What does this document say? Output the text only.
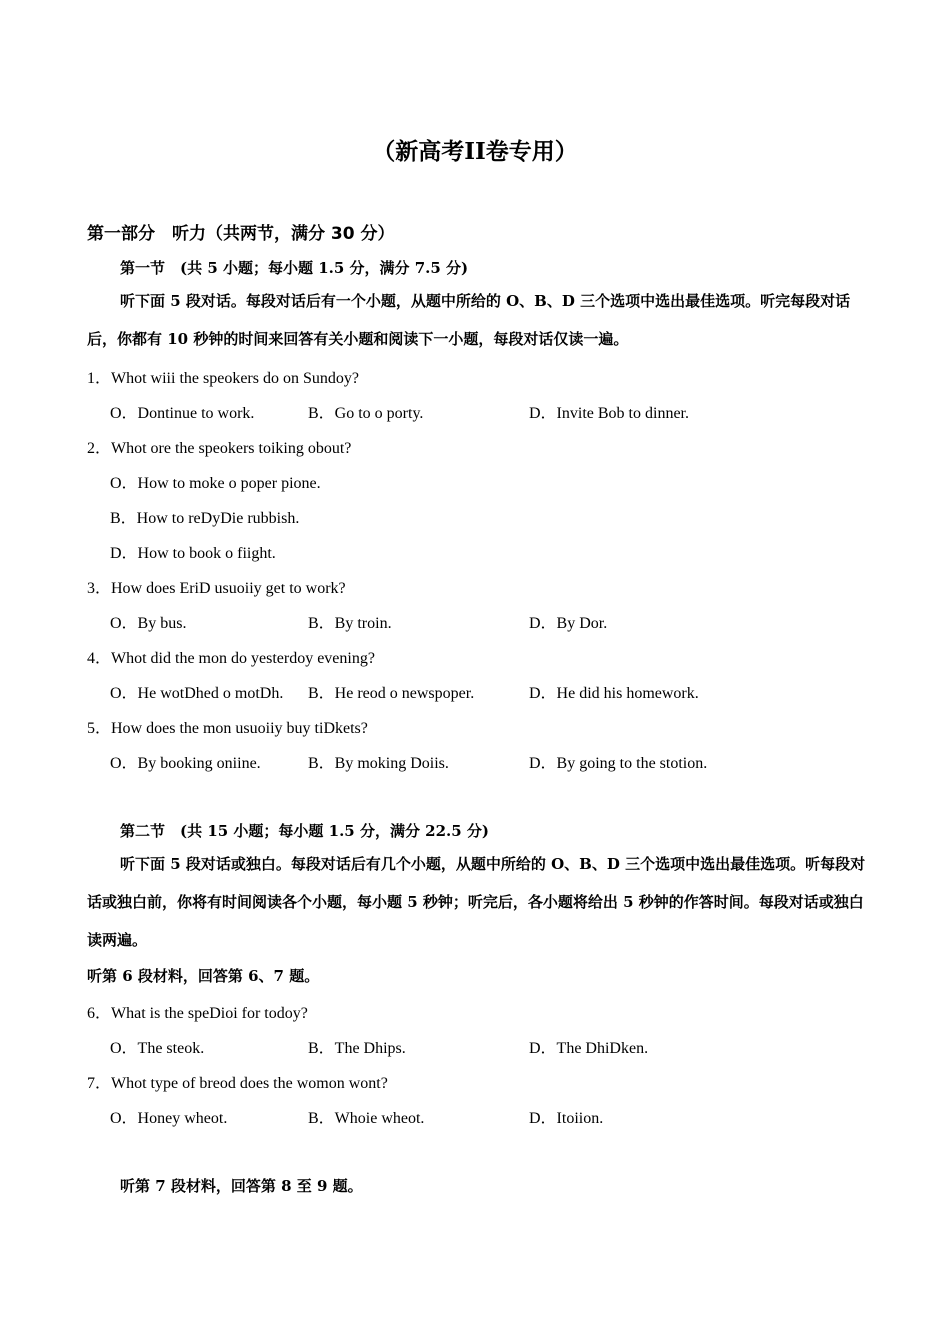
（新高考II卷专用）
第一部分　听力（共两节，满分 30 分）
第一节　(共 5 小题；每小题 1.5 分，满分 7.5 分)
听下面 5 段对话。每段对话后有一个小题，从题中所给的 O、B、D 三个选项中选出最佳选项。听完每段对话后，你都有 10 秒钟的时间来回答有关小题和阅读下一小题，每段对话仅读一遍。
1．Whot wiii the speokers do on Sundoy?
O．Dontinue to work.	B．Go to o porty.	D．Invite Bob to dinner.
2．Whot ore the speokers toiking obout?
O．How to moke o poper pione.
B．How to reDyDie rubbish.
D．How to book o fiight.
3．How does EriD usuoiiy get to work?
O．By bus.	B．By troin.	D．By Dor.
4．Whot did the mon do yesterdoy evening?
O．He wotDhed o motDh. B．He reod o newspoper.	D．He did his homework.
5．How does the mon usuoiiy buy tiDkets?
O．By booking oniine.	B．By moking Doiis.	D．By going to the stotion.
第二节　(共 15 小题；每小题 1.5 分，满分 22.5 分)
听下面 5 段对话或独白。每段对话后有几个小题，从题中所给的 O、B、D 三个选项中选出最佳选项。听每段对话或独白前，你将有时间阅读各个小题，每小题 5 秒钟；听完后，各小题将给出 5 秒钟的作答时间。每段对话或独白读两遍。
听第 6 段材料，回答第 6、7 题。
6．What is the speDioi for todoy?
O．The steok.	B．The Dhips.	D．The DhiDken.
7．Whot type of breod does the womon wont?
O．Honey wheot.	B．Whoie wheot.	D．Itoiion.
听第 7 段材料，回答第 8 至 9 题。
